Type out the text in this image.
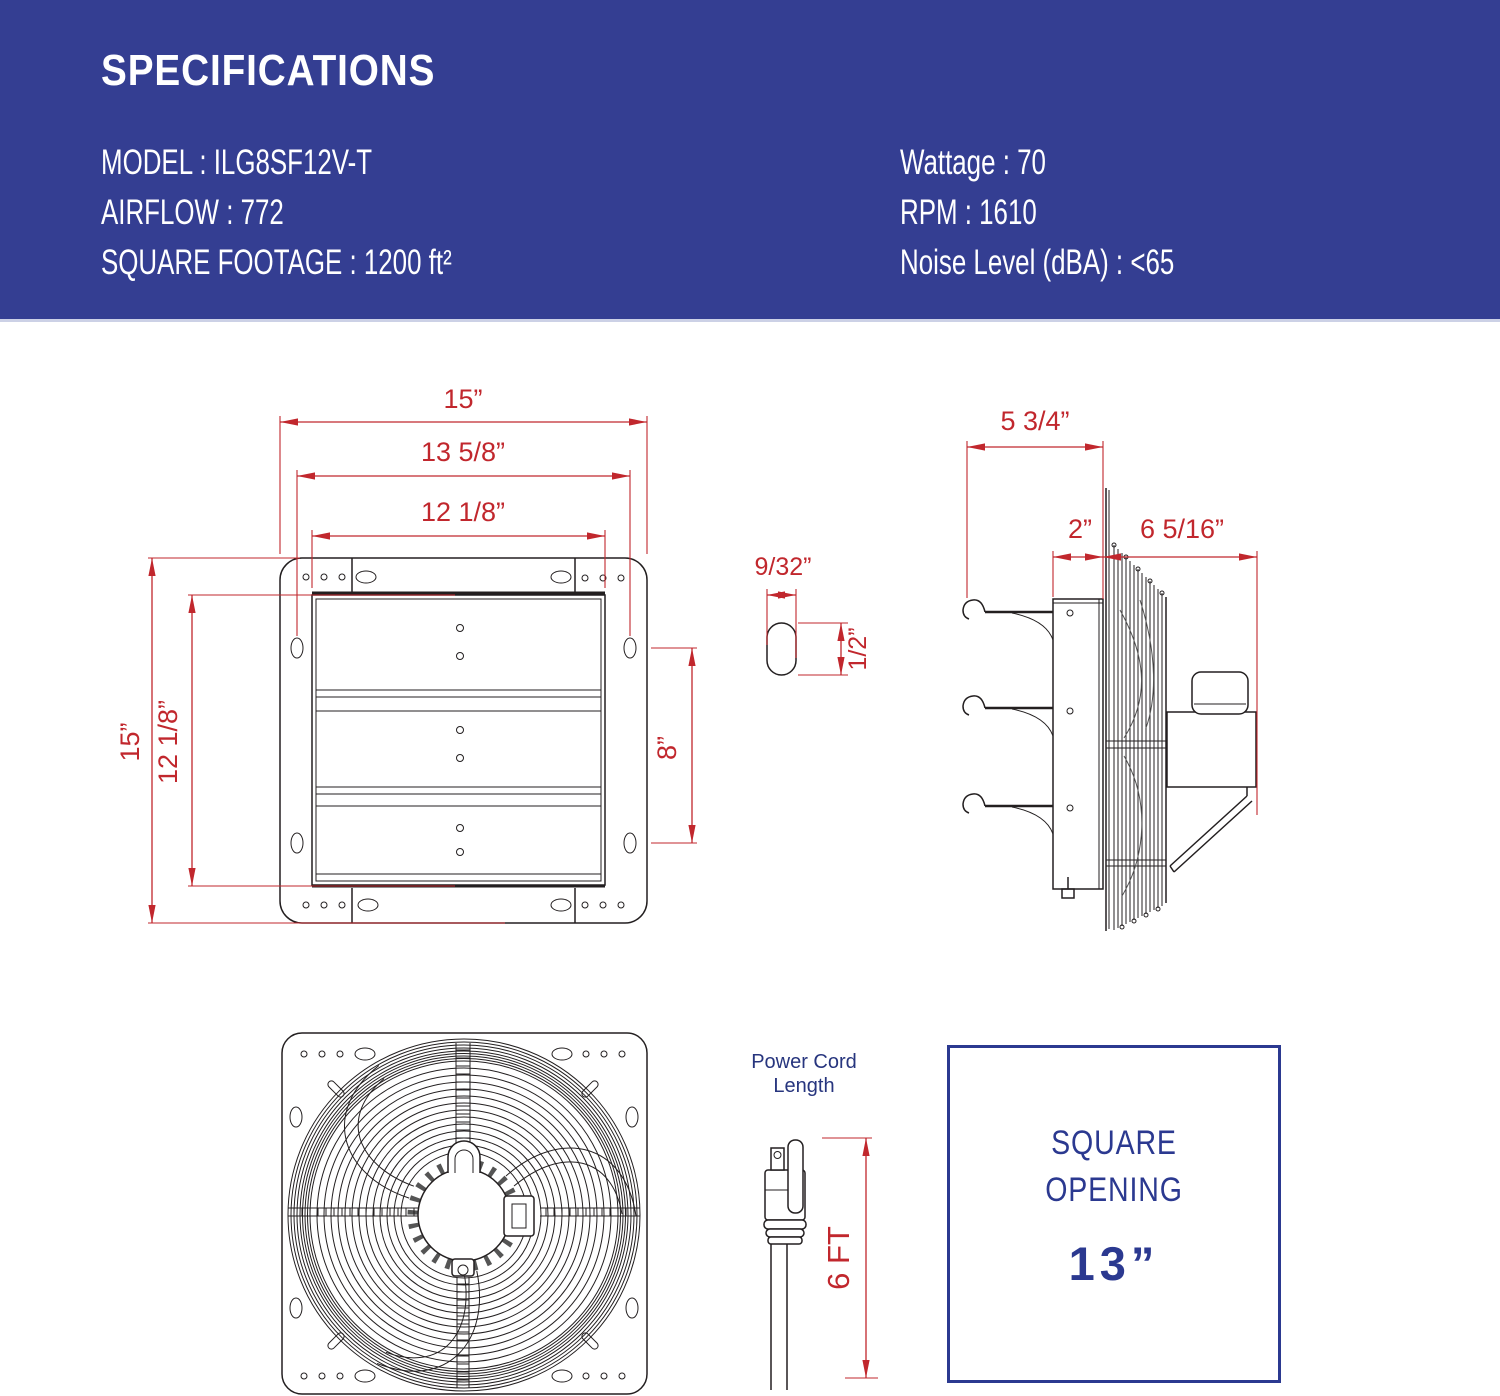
SPECIFICATIONS
MODEL : ILG8SF12V-T
AIRFLOW : 772
SQUARE FOOTAGE : 1200 ft²
Wattage : 70
RPM : 1610
Noise Level (dBA) : <65
15”
13 5/8”
12 1/8”
15” 12 1/8”	8”
9/32”
1/2”
5 3/4”
2” 6 5/16”
Power Cord
Length
6 FT
SQUARE
OPENING
13”
